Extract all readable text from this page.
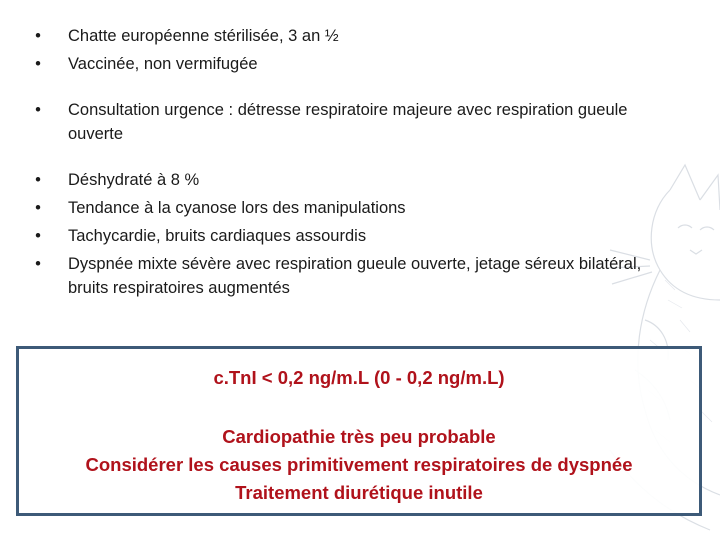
•	Chatte européenne stérilisée, 3 an ½
•	Vaccinée, non vermifugée
•	Consultation urgence : détresse respiratoire majeure avec respiration gueule ouverte
•	Déshydraté à 8 %
•	Tendance à la cyanose lors des manipulations
•	Tachycardie, bruits cardiaques assourdis
•	Dyspnée mixte sévère avec respiration gueule ouverte, jetage séreux bilatéral, bruits respiratoires augmentés
c.TnI < 0,2 ng/m.L (0 - 0,2 ng/m.L)
Cardiopathie très peu probable
Considérer les causes primitivement respiratoires de dyspnée
Traitement diurétique inutile
